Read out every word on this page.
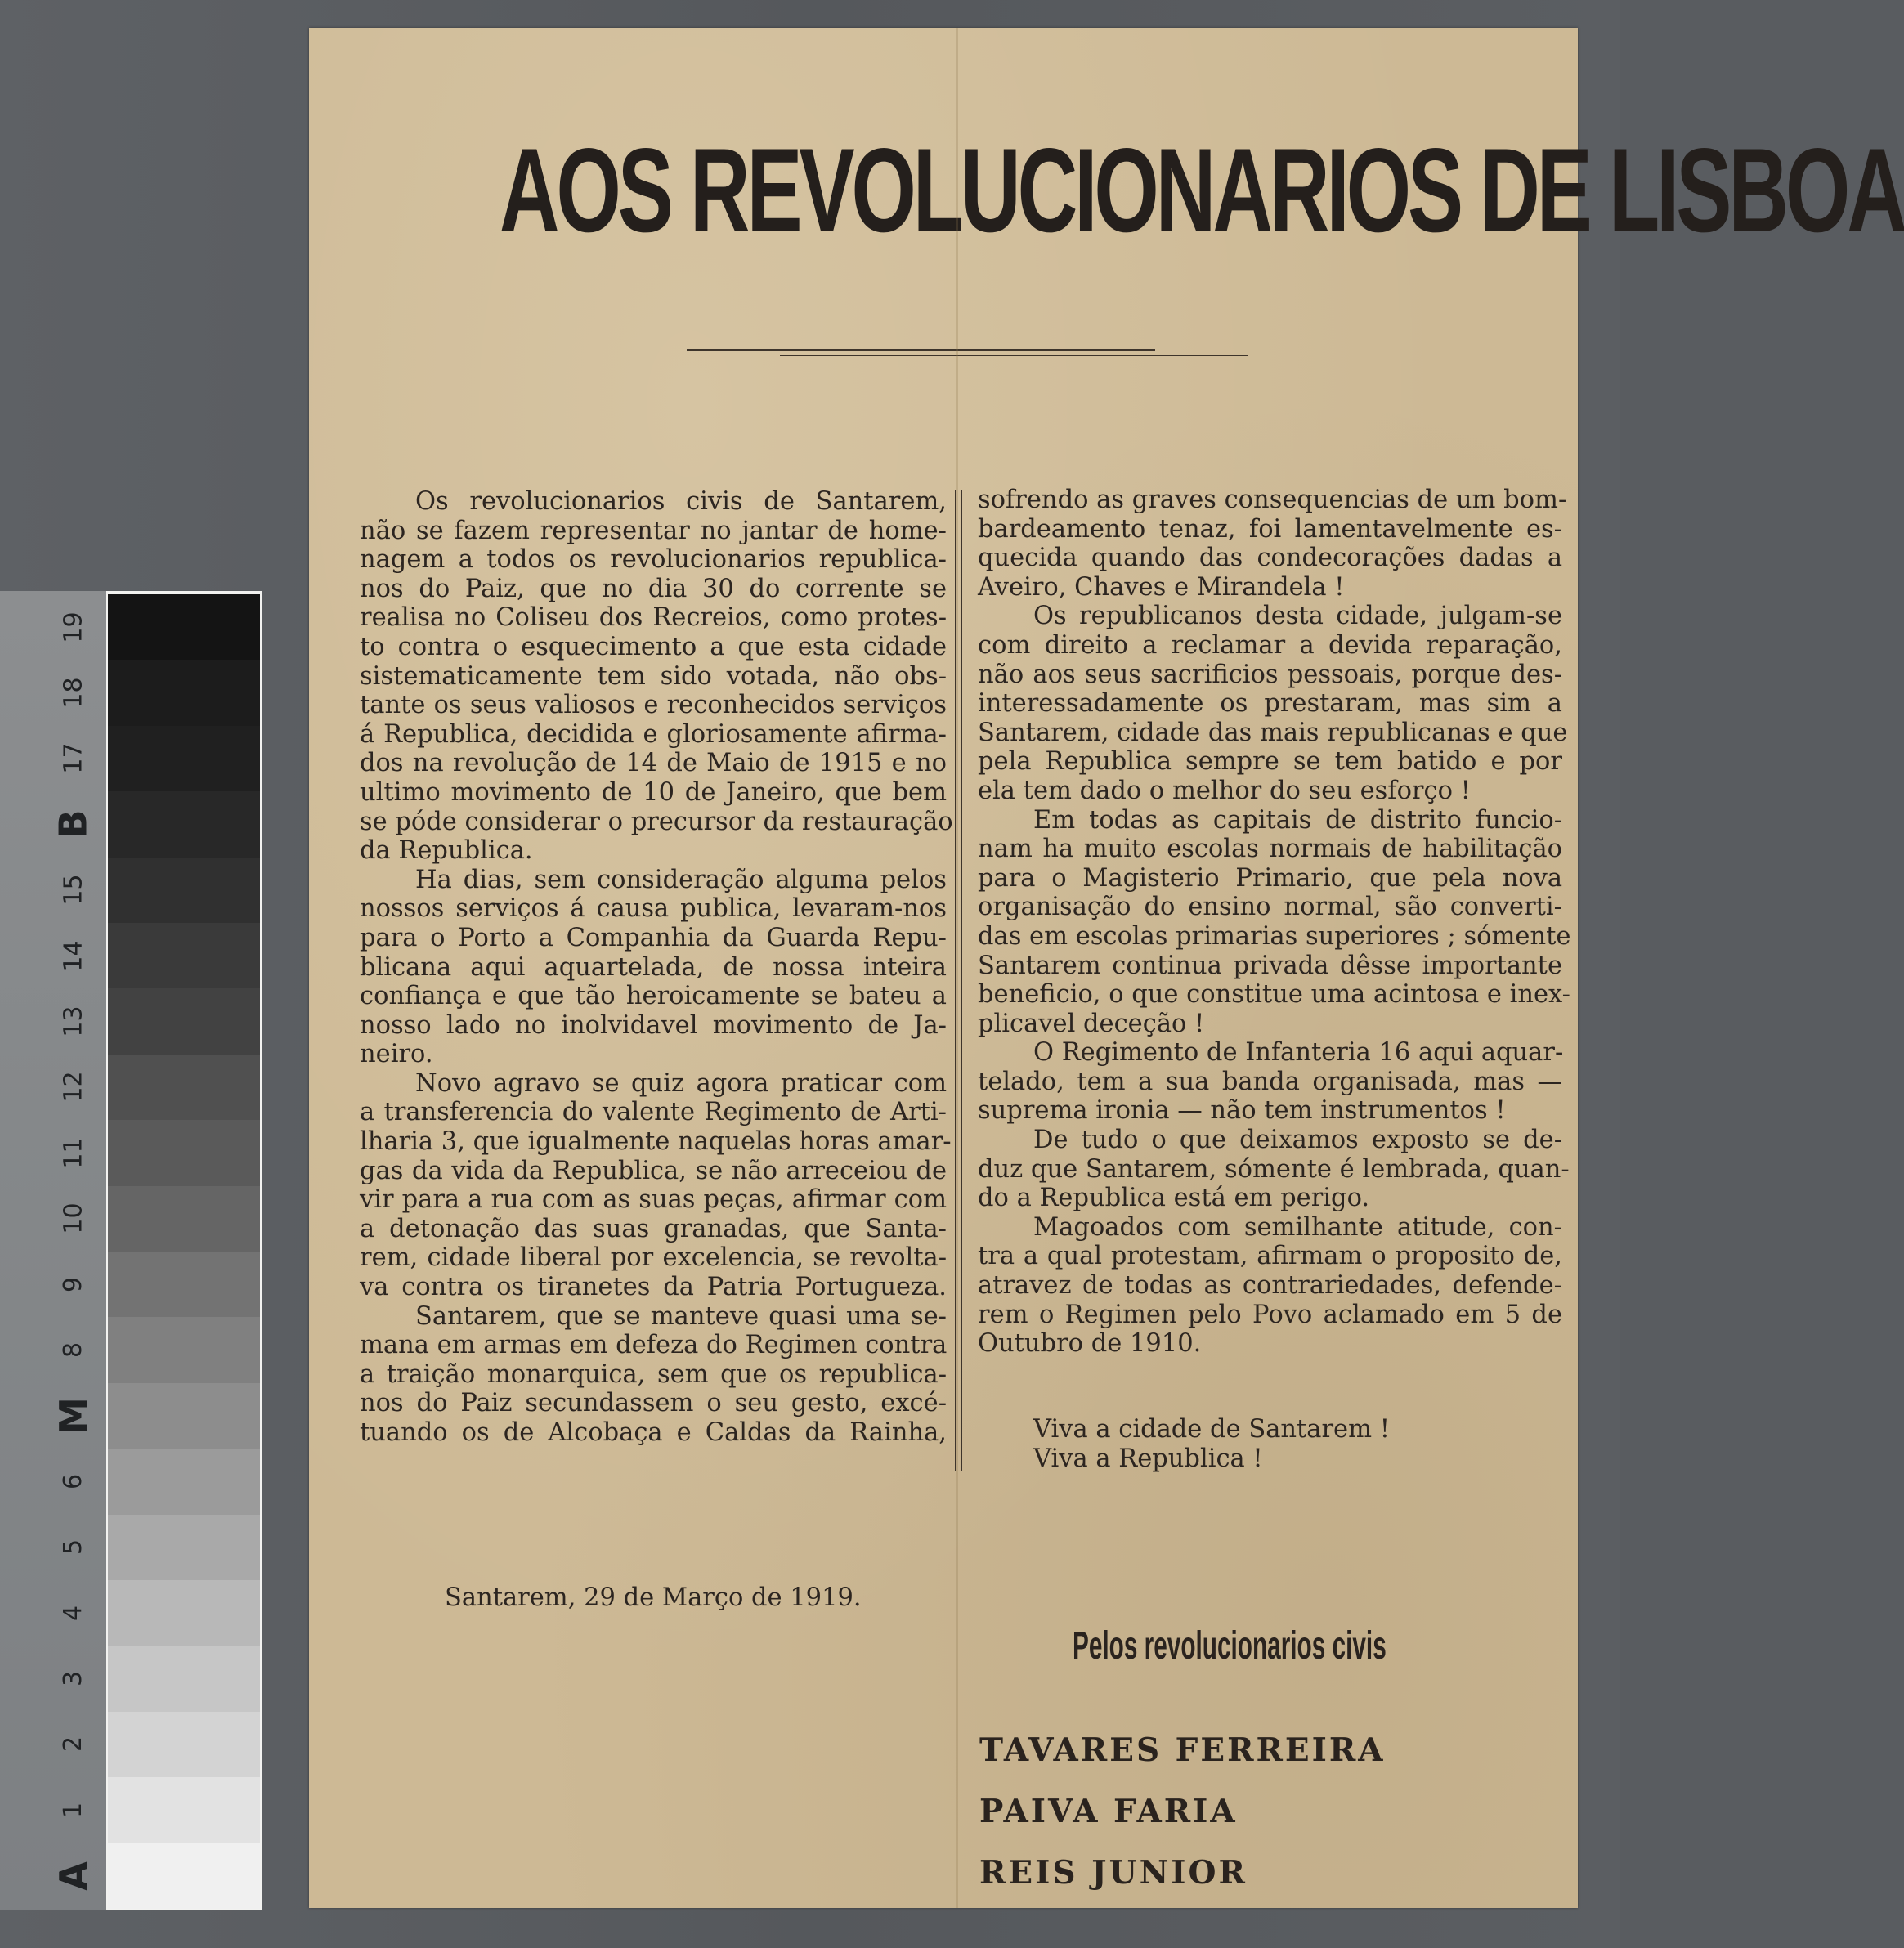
A
1
2
3
4
5
6
M
8
9
10
11
12
13
14
15
B
17
18
19
AOS REVOLUCIONARIOS DE LISBOA
Os revolucionarios civis de Santarem,
não se fazem representar no jantar de home-
nagem a todos os revolucionarios republica-
nos do Paiz, que no dia 30 do corrente se
realisa no Coliseu dos Recreios, como protes-
to contra o esquecimento a que esta cidade
sistematicamente tem sido votada, não obs-
tante os seus valiosos e reconhecidos serviços
á Republica, decidida e gloriosamente afirma-
dos na revolução de 14 de Maio de 1915 e no
ultimo movimento de 10 de Janeiro, que bem
se póde considerar o precursor da restauração
da Republica.
Ha dias, sem consideração alguma pelos
nossos serviços á causa publica, levaram-nos
para o Porto a Companhia da Guarda Repu-
blicana aqui aquartelada, de nossa inteira
confiança e que tão heroicamente se bateu a
nosso lado no inolvidavel movimento de Ja-
neiro.
Novo agravo se quiz agora praticar com
a transferencia do valente Regimento de Arti-
lharia 3, que igualmente naquelas horas amar-
gas da vida da Republica, se não arreceiou de
vir para a rua com as suas peças, afirmar com
a detonação das suas granadas, que Santa-
rem, cidade liberal por excelencia, se revolta-
va contra os tiranetes da Patria Portugueza.
Santarem, que se manteve quasi uma se-
mana em armas em defeza do Regimen contra
a traição monarquica, sem que os republica-
nos do Paiz secundassem o seu gesto, excé-
tuando os de Alcobaça e Caldas da Rainha,
sofrendo as graves consequencias de um bom-
bardeamento tenaz, foi lamentavelmente es-
quecida quando das condecorações dadas a
Aveiro, Chaves e Mirandela !
Os republicanos desta cidade, julgam-se
com direito a reclamar a devida reparação,
não aos seus sacrificios pessoais, porque des-
interessadamente os prestaram, mas sim a
Santarem, cidade das mais republicanas e que
pela Republica sempre se tem batido e por
ela tem dado o melhor do seu esforço !
Em todas as capitais de distrito funcio-
nam ha muito escolas normais de habilitação
para o Magisterio Primario, que pela nova
organisação do ensino normal, são converti-
das em escolas primarias superiores ; sómente
Santarem continua privada dêsse importante
beneficio, o que constitue uma acintosa e inex-
plicavel deceção !
O Regimento de Infanteria 16 aqui aquar-
telado, tem a sua banda organisada, mas —
suprema ironia — não tem instrumentos !
De tudo o que deixamos exposto se de-
duz que Santarem, sómente é lembrada, quan-
do a Republica está em perigo.
Magoados com semilhante atitude, con-
tra a qual protestam, afirmam o proposito de,
atravez de todas as contrariedades, defende-
rem o Regimen pelo Povo aclamado em 5 de
Outubro de 1910.
Viva a cidade de Santarem !
Viva a Republica !
Santarem, 29 de Março de 1919.
Pelos revolucionarios civis
TAVARES FERREIRA
PAIVA FARIA
REIS JUNIOR
